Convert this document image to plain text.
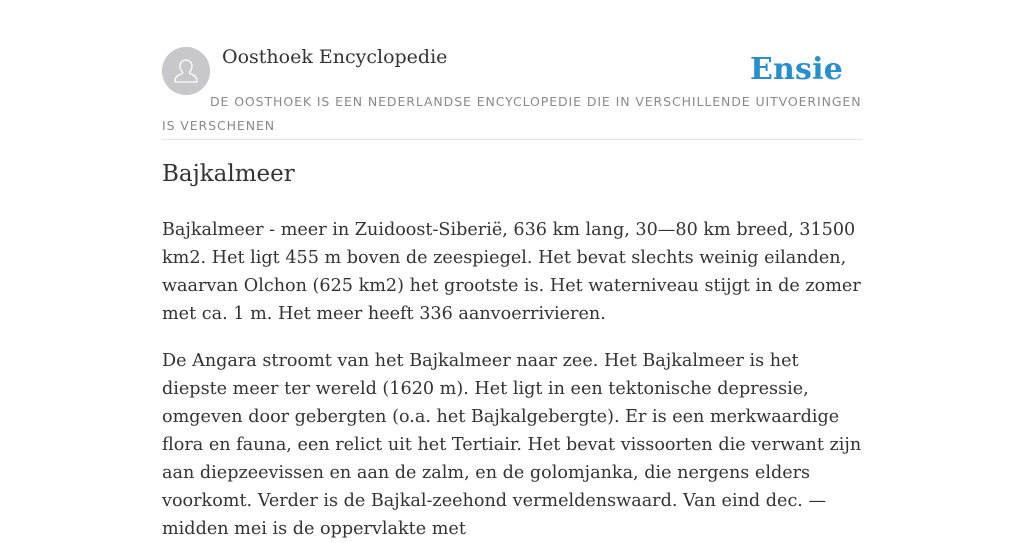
Oosthoek Encyclopedie	Ensie
DE OOSTHOEK IS EEN NEDERLANDSE ENCYCLOPEDIE DIE IN VERSCHILLENDE UITVOERINGEN IS VERSCHENEN
Bajkalmeer

Bajkalmeer - meer in Zuidoost-Siberië, 636 km lang, 30—80 km breed, 31500 km2. Het ligt 455 m boven de zeespiegel. Het bevat slechts weinig eilanden, waarvan Olchon (625 km2) het grootste is. Het waterniveau stijgt in de zomer met ca. 1 m. Het meer heeft 336 aanvoerrivieren.

De Angara stroomt van het Bajkalmeer naar zee. Het Bajkalmeer is het diepste meer ter wereld (1620 m). Het ligt in een tektonische depressie, omgeven door gebergten (o.a. het Bajkalgebergte). Er is een merkwaardige flora en fauna, een relict uit het Tertiair. Het bevat vissoorten die verwant zijn aan diepzeevissen en aan de zalm, en de golomjanka, die nergens elders voorkomt. Verder is de Bajkal-zeehond vermeldenswaard. Van eind dec. —midden mei is de oppervlakte met
